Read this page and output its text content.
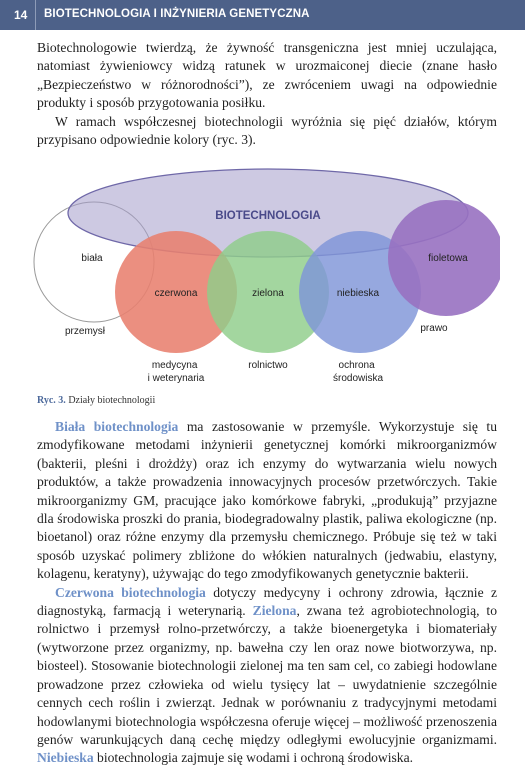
14 BIOTECHNOLOGIA I INŻYNIERIA GENETYCZNA

Biotechnologowie twierdzą, że żywność transgeniczna jest mniej uczulająca, natomiast żywieniowcy widzą ratunek w urozmaiconej diecie (znane hasło „Bezpieczeństwo w różnorodności”), ze zwróceniem uwagi na odpowiednie produkty i sposób przygotowania posiłku.

W ramach współczesnej biotechnologii wyróżnia się pięć działów, którym przypisano odpowiednie kolory (ryc. 3).

BIOTECHNOLOGIA
biała
czerwona	zielona	niebieska
fioletowa
przemysł
medycyna i weterynaria
rolnictwo	ochrona środowiska
prawo
Ryc. 3. Działy biotechnologii

Biała biotechnologia ma zastosowanie w przemyśle. Wykorzystuje się tu zmodyfikowane metodami inżynierii genetycznej komórki mikroorganizmów (bakterii, pleśni i drożdży) oraz ich enzymy do wytwarzania wielu nowych produktów, a także prowadzenia innowacyjnych procesów przetwórczych. Takie mikroorganizmy GM, pracujące jako komórkowe fabryki, „produkują” przyjazne dla środowiska proszki do prania, biodegradowalny plastik, paliwa ekologiczne (np. bioetanol) oraz różne enzymy dla przemysłu chemicznego. Próbuje się też w taki sposób uzyskać polimery zbliżone do włókien naturalnych (jedwabiu, elastyny, kolagenu, keratyny), używając do tego zmodyfikowanych genetycznie bakterii.

Czerwona biotechnologia dotyczy medycyny i ochrony zdrowia, łącznie z diagnostyką, farmacją i weterynarią. Zielona, zwana też agrobiotechnologią, to rolnictwo i przemysł rolno-przetwórczy, a także bioenergetyka i biomateriały (wytworzone przez organizmy, np. bawełna czy len oraz nowe biotworzywa, np. biosteel). Stosowanie biotechnologii zielonej ma ten sam cel, co zabiegi hodowlane prowadzone przez człowieka od wielu tysięcy lat – uwydatnienie szczególnie cennych cech roślin i zwierząt. Jednak w porównaniu z tradycyjnymi metodami hodowlanymi biotechnologia współczesna oferuje więcej – możliwość przenoszenia genów warunkujących daną cechę między odległymi ewolucyjnie organizmami. Niebieska biotechnologia zajmuje się wodami i ochroną środowiska.
